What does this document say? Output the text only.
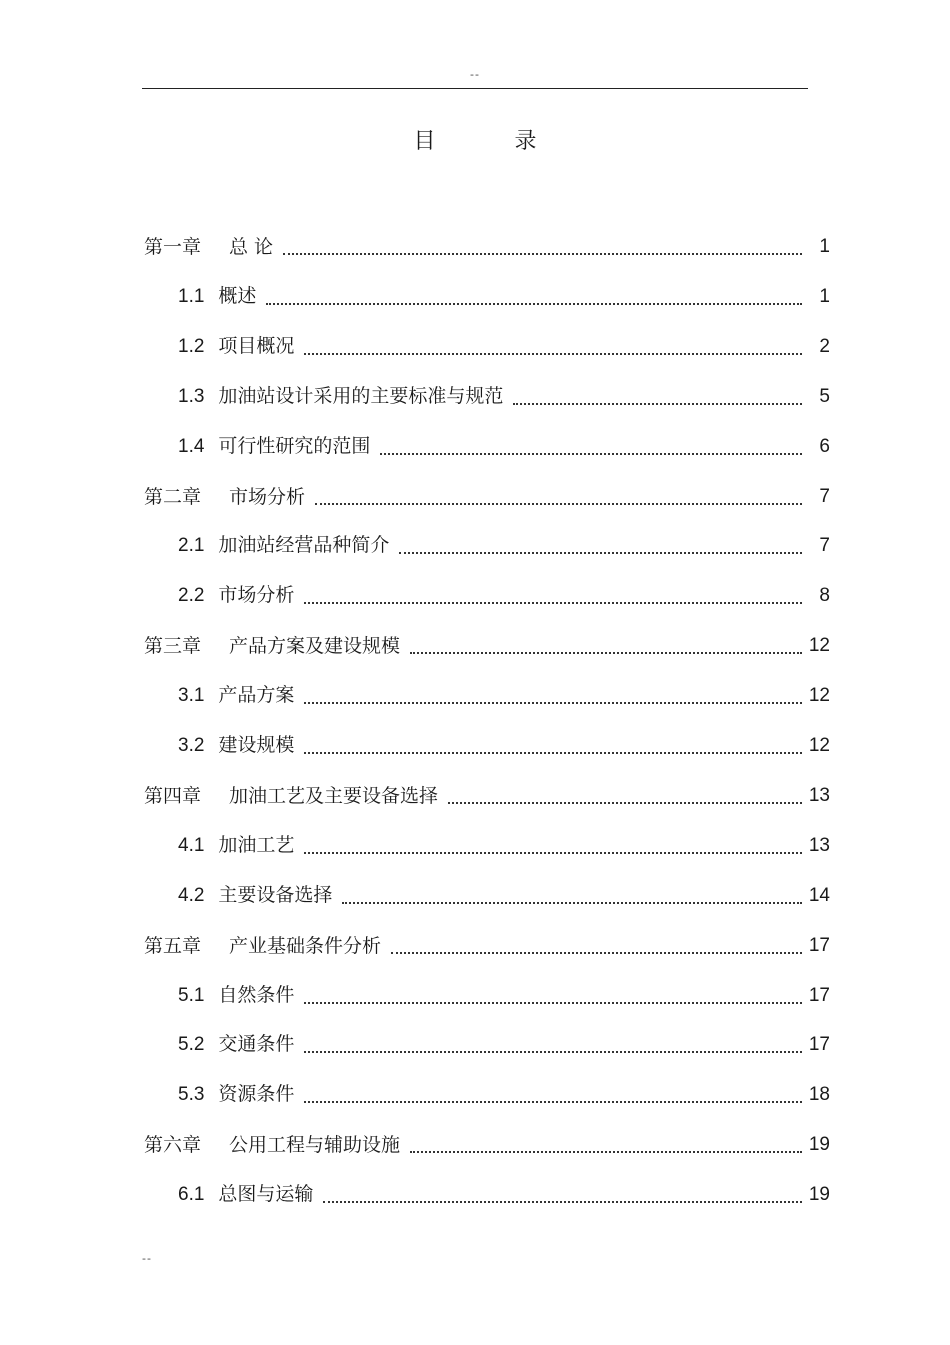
--
目 录
第一章 总 论	1
1.1 概述	1
1.2 项目概况	2
1.3 加油站设计采用的主要标准与规范	5
1.4 可行性研究的范围	6
第二章 市场分析	7
2.1 加油站经营品种简介	7
2.2 市场分析	8
第三章 产品方案及建设规模	12
3.1 产品方案	12
3.2 建设规模	12
第四章 加油工艺及主要设备选择	13
4.1 加油工艺	13
4.2 主要设备选择	14
第五章 产业基础条件分析	17
5.1 自然条件	17
5.2 交通条件	17
5.3 资源条件	18
第六章 公用工程与辅助设施	19
6.1 总图与运输	19
--
